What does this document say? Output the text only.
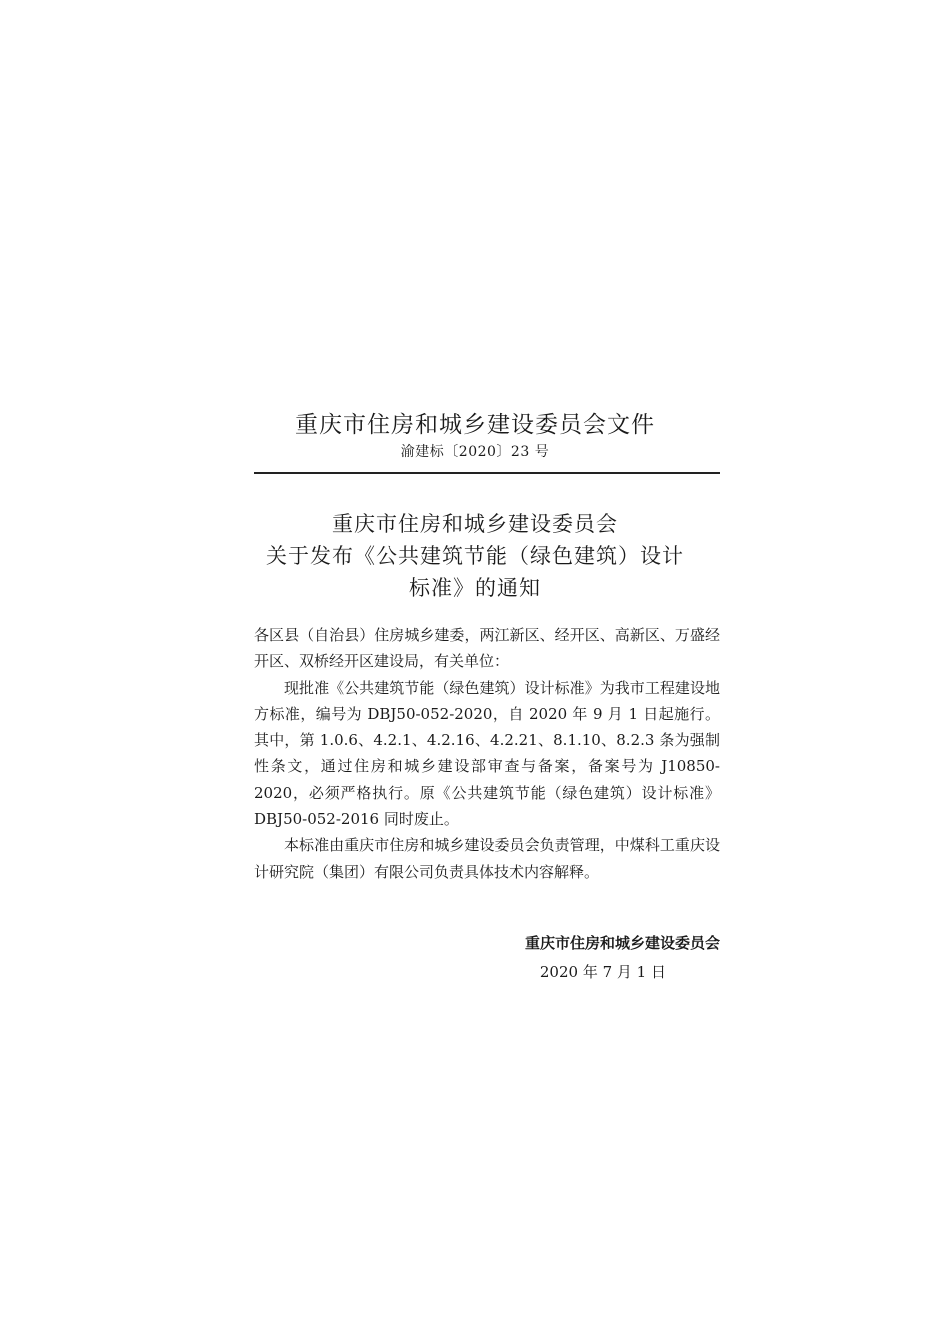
重庆市住房和城乡建设委员会文件
渝建标〔2020〕23 号
重庆市住房和城乡建设委员会
关于发布《公共建筑节能（绿色建筑）设计
标准》的通知

各区县（自治县）住房城乡建委，两江新区、经开区、高新区、万盛经开区、双桥经开区建设局，有关单位：

现批准《公共建筑节能（绿色建筑）设计标准》为我市工程建设地方标准，编号为 DBJ50-052-2020，自 2020 年 9 月 1 日起施行。其中，第 1.0.6、4.2.1、4.2.16、4.2.21、8.1.10、8.2.3 条为强制性条文，通过住房和城乡建设部审查与备案，备案号为 J10850-2020，必须严格执行。原《公共建筑节能（绿色建筑）设计标准》DBJ50-052-2016 同时废止。

本标准由重庆市住房和城乡建设委员会负责管理，中煤科工重庆设计研究院（集团）有限公司负责具体技术内容解释。

重庆市住房和城乡建设委员会
2020 年 7 月 1 日
